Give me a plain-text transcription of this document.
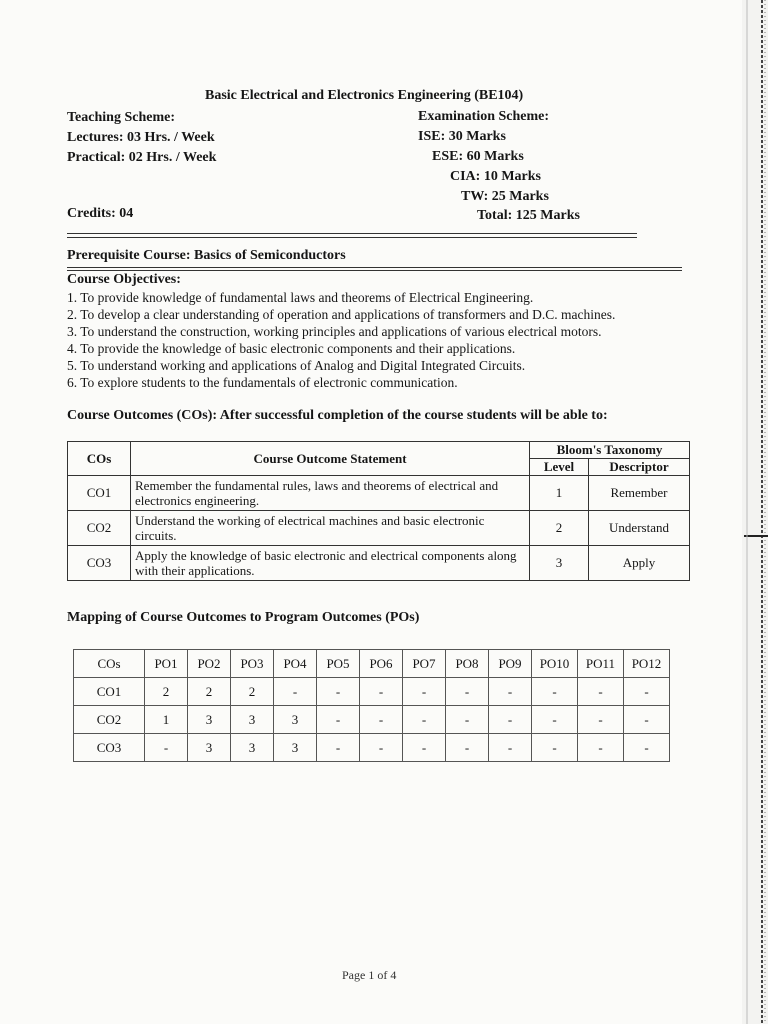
Basic Electrical and Electronics Engineering (BE104)
Teaching Scheme:
Lectures: 03 Hrs. / Week
Practical: 02 Hrs. / Week
Examination Scheme:
ISE: 30 Marks
ESE: 60 Marks
CIA: 10 Marks
TW: 25 Marks
Total: 125 Marks
Credits: 04
Prerequisite Course: Basics of Semiconductors
Course Objectives:
1. To provide knowledge of fundamental laws and theorems of Electrical Engineering.
2. To develop a clear understanding of operation and applications of transformers and D.C. machines.
3. To understand the construction, working principles and applications of various electrical motors.
4. To provide the knowledge of basic electronic components and their applications.
5. To understand working and applications of Analog and Digital Integrated Circuits.
6. To explore students to the fundamentals of electronic communication.
Course Outcomes (COs): After successful completion of the course students will be able to:
COs	Course Outcome Statement	Bloom's Taxonomy	
		Level	Descriptor
CO1	Remember the fundamental rules, laws and theorems of electrical and electronics engineering.	1	Remember
CO2	Understand the working of electrical machines and basic electronic circuits.	2	Understand
CO3	Apply the knowledge of basic electronic and electrical components along with their applications.	3	Apply
Mapping of Course Outcomes to Program Outcomes (POs)
COs	PO1	PO2	PO3	PO4	PO5	PO6	PO7	PO8	PO9	PO10	PO11	PO12
CO1	2	2	2	-	-	-	-	-	-	-	-	-
CO2	1	3	3	3	-	-	-	-	-	-	-	-
CO3	-	3	3	3	-	-	-	-	-	-	-	-
Page 1 of 4
